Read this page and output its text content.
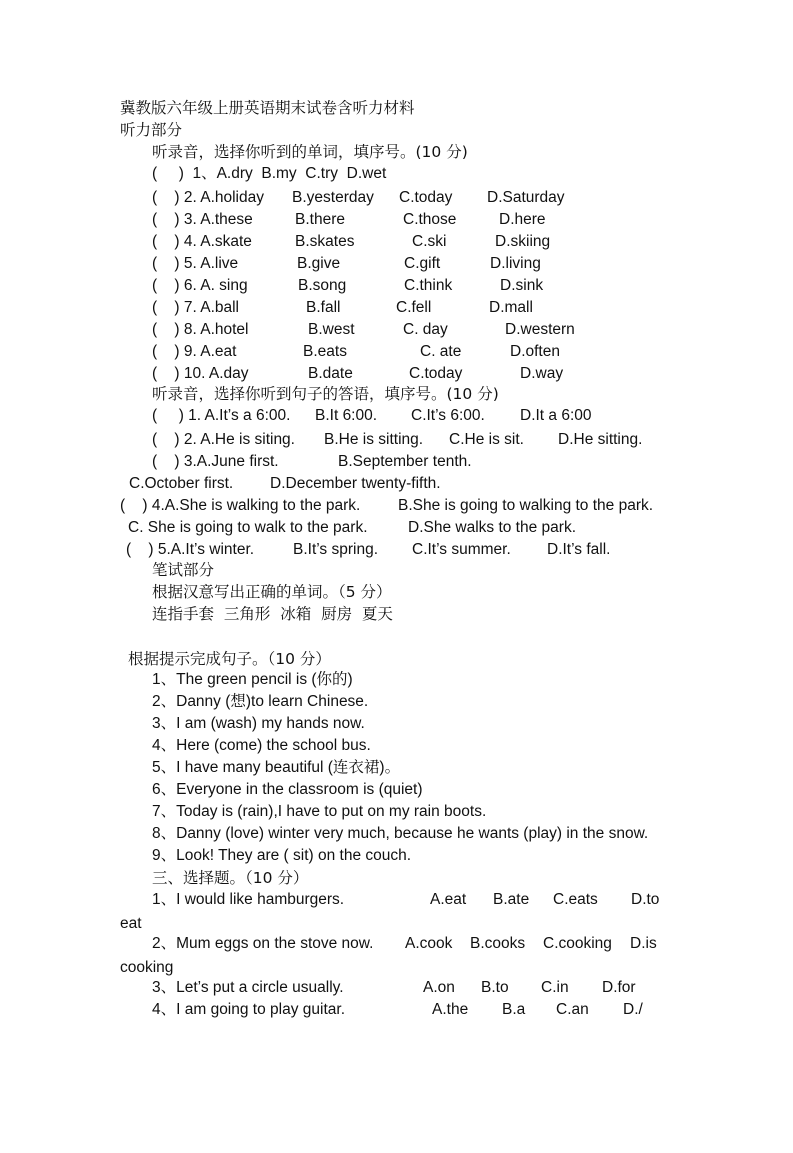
冀教版六年级上册英语期末试卷含听力材料
听力部分
听录音，选择你听到的单词，填序号。(10 分)

(     )  1、A.dry  B.my  C.try  D.wet

(    ) 2. A.holiday

B.yesterday

C.today

D.Saturday

(    ) 3. A.these

	B.there

	C.those

	D.here

(    ) 4. A.skate

	B.skates

	C.ski

	D.skiing

(    ) 5. A.live

	B.give

	C.gift

	D.living

(    ) 6. A. sing

	B.song

	C.think

	D.sink

(    ) 7. A.ball

	B.fall

	C.fell

	D.mall

(    ) 8. A.hotel

	B.west

	C. day

	D.western

(    ) 9. A.eat

	B.eats

	C. ate

	D.often

(    ) 10. A.day

	B.date

	C.today

	D.way

听录音，选择你听到句子的答语，填序号。(10 分)

(     ) 1. A.It’s a 6:00.

B.It 6:00.

C.It’s 6:00.

D.It a 6:00

(    ) 2. A.He is siting.

B.He is sitting.

C.He is sit.

D.He sitting.

(    ) 3.A.June first.

	B.September tenth.

C.October first.

D.December twenty-fifth.

(    ) 4.A.She is walking to the park.

B.She is going to walking to the park.

C. She is going to walk to the park.

	D.She walks to the park.

(    ) 5.A.It’s winter.

	B.It’s spring.

C.It’s summer.

D.It’s fall.

笔试部分
根据汉意写出正确的单词。（5 分）
连指手套  三角形  冰箱  厨房  夏天
根据提示完成句子。（10 分）
1、The green pencil is (你的)
2、Danny (想)to learn Chinese.
3、I am (wash) my hands now.
4、Here (come) the school bus.
5、I have many beautiful (连衣裙)。
6、Everyone in the classroom is (quiet)
7、Today is (rain),I have to put on my rain boots.
8、Danny (love) winter very much, because he wants (play) in the snow.
9、Look! They are ( sit) on the couch.
三、选择题。（10 分）

1、I would like hamburgers.

	A.eat

B.ate

C.eats

D.to

eat

2、Mum eggs on the stove now.

A.cook

B.cooks

C.cooking

D.is

cooking

3、Let’s put a circle usually.

	A.on

B.to

C.in

D.for

4、I am going to play guitar.

	A.the

B.a

C.an

D./
